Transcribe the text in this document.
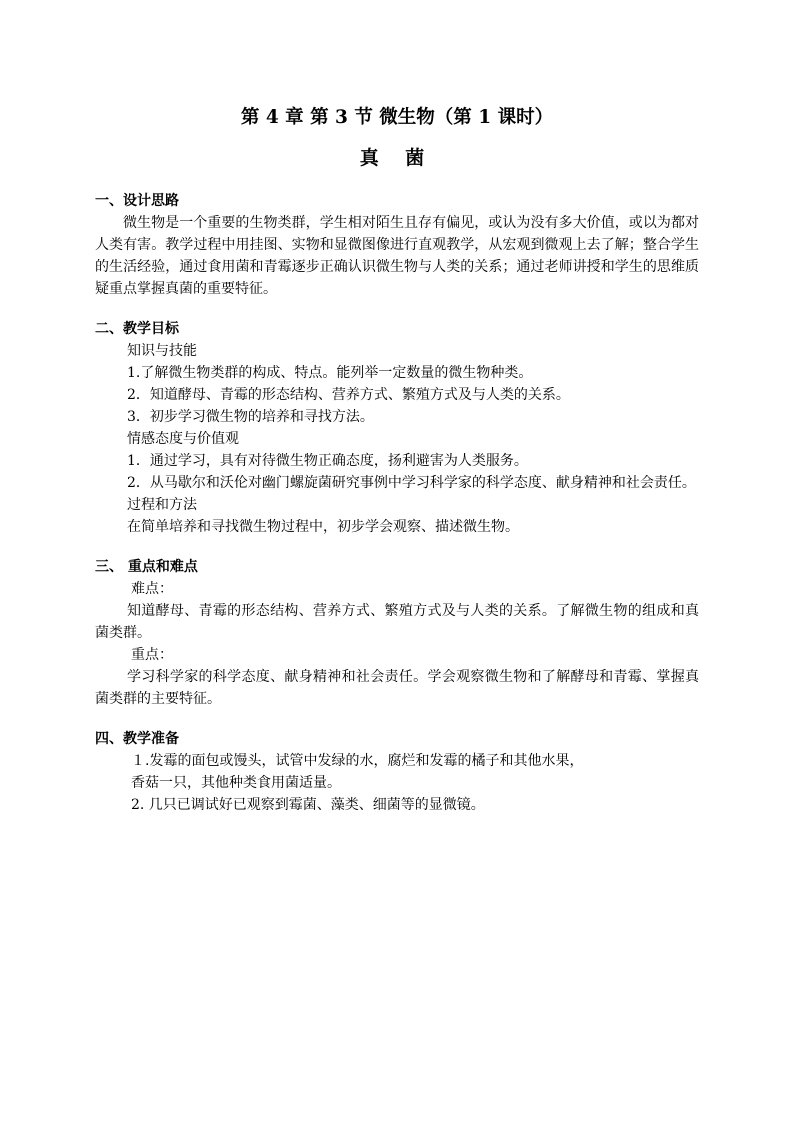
第 4 章 第 3 节 微生物（第 1 课时）
真 菌
一、设计思路
微生物是一个重要的生物类群，学生相对陌生且存有偏见，或认为没有多大价值，或以为都对人类有害。教学过程中用挂图、实物和显微图像进行直观教学，从宏观到微观上去了解；整合学生的生活经验，通过食用菌和青霉逐步正确认识微生物与人类的关系；通过老师讲授和学生的思维质疑重点掌握真菌的重要特征。
二、教学目标
知识与技能
1.了解微生物类群的构成、特点。能列举一定数量的微生物种类。
2．知道酵母、青霉的形态结构、营养方式、繁殖方式及与人类的关系。
3．初步学习微生物的培养和寻找方法。
情感态度与价值观
1．通过学习，具有对待微生物正确态度，扬利避害为人类服务。
2．从马歇尔和沃伦对幽门螺旋菌研究事例中学习科学家的科学态度、献身精神和社会责任。
过程和方法
在简单培养和寻找微生物过程中，初步学会观察、描述微生物。
三、 重点和难点
难点：
知道酵母、青霉的形态结构、营养方式、繁殖方式及与人类的关系。了解微生物的组成和真菌类群。
重点：
学习科学家的科学态度、献身精神和社会责任。学会观察微生物和了解酵母和青霉、掌握真菌类群的主要特征。
四、教学准备
１.发霉的面包或馒头，试管中发绿的水，腐烂和发霉的橘子和其他水果，
香菇一只，其他种类食用菌适量。
2. 几只已调试好已观察到霉菌、藻类、细菌等的显微镜。
